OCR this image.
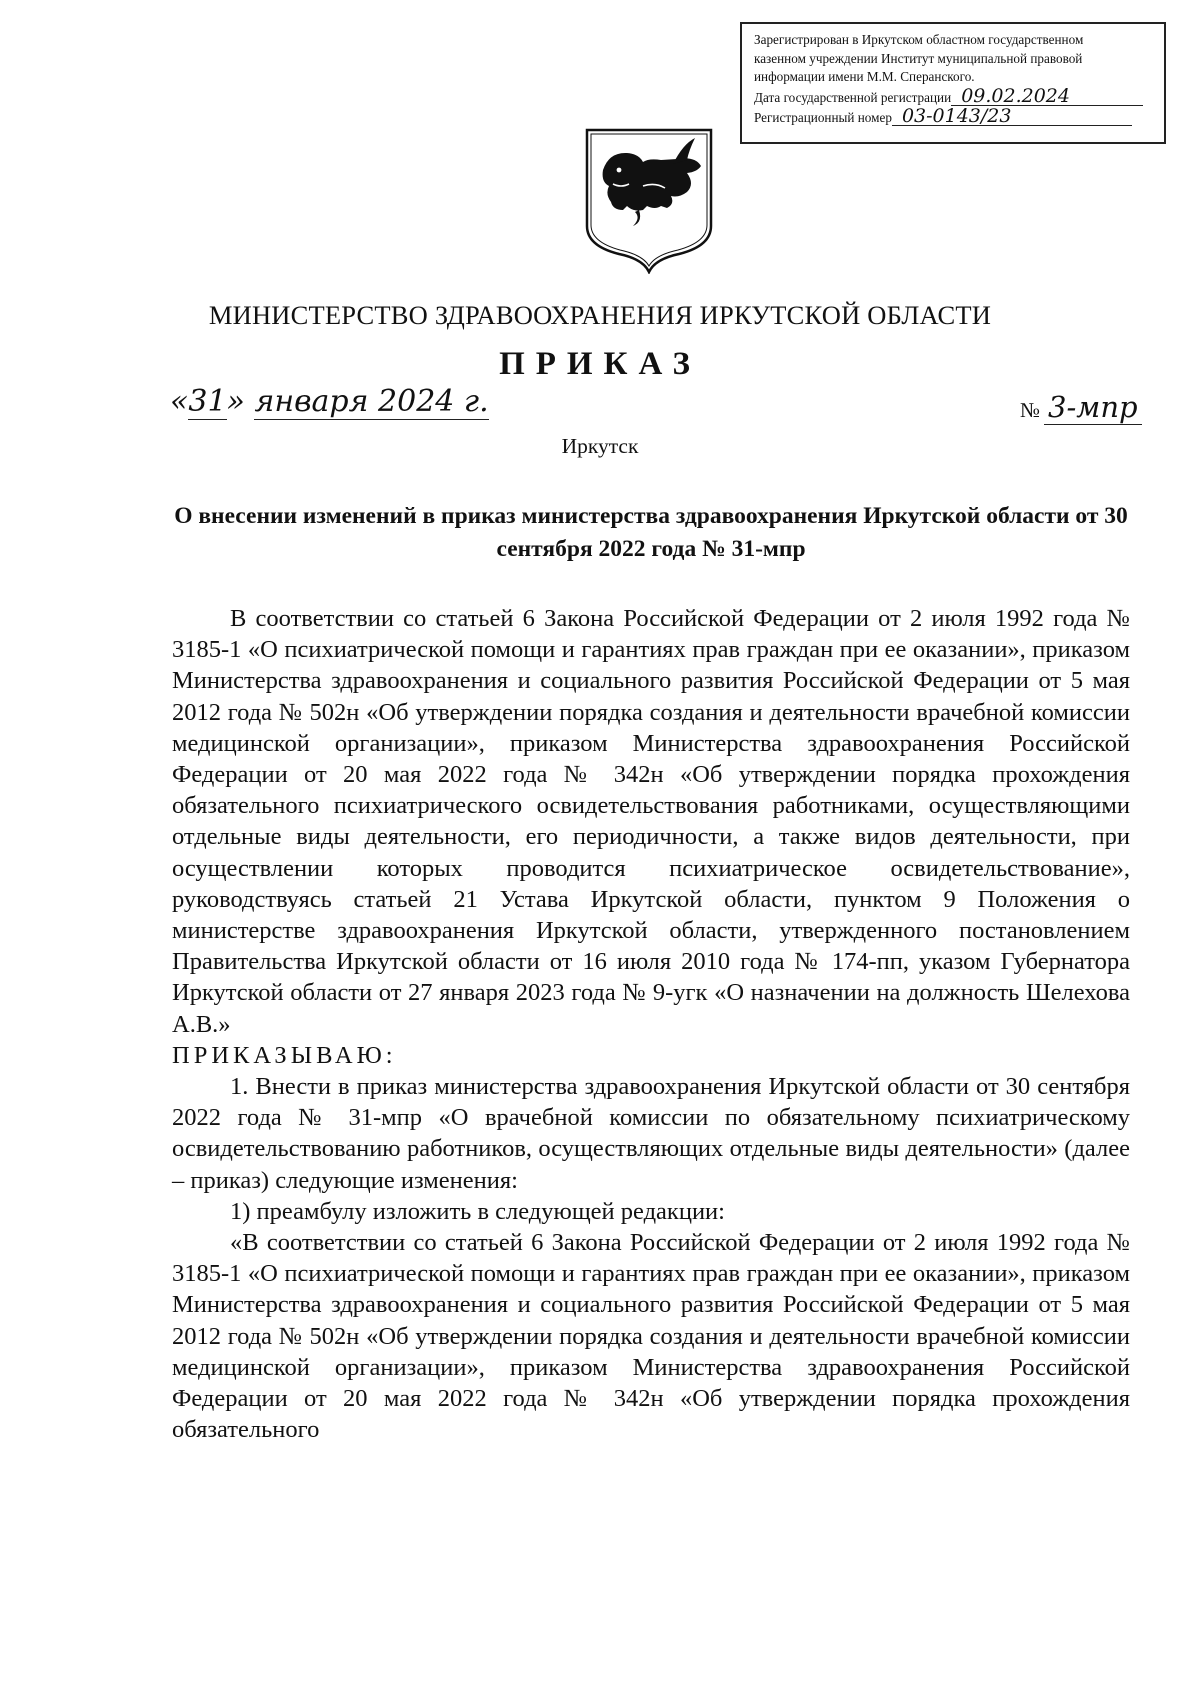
Зарегистрирован в Иркутском областном государственном
казенном учреждении Институт муниципальной правовой
информации имени М.М. Сперанского.
Дата государственной регистрации 09.02.2024
Регистрационный номер 03-0143/23
МИНИСТЕРСТВО ЗДРАВООХРАНЕНИЯ ИРКУТСКОЙ ОБЛАСТИ
ПРИКАЗ
«31» января 2024 г.	№ 3-мпр
Иркутск
О внесении изменений в приказ министерства здравоохранения Иркутской области от 30 сентября 2022 года № 31-мпр

В соответствии со статьей 6 Закона Российской Федерации от 2 июля 1992 года № 3185-1 «О психиатрической помощи и гарантиях прав граждан при ее оказании», приказом Министерства здравоохранения и социального развития Российской Федерации от 5 мая 2012 года № 502н «Об утверждении порядка создания и деятельности врачебной комиссии медицинской организации», приказом Министерства здравоохранения Российской Федерации от 20 мая 2022 года № 342н «Об утверждении порядка прохождения обязательного психиатрического освидетельствования работниками, осуществляющими отдельные виды деятельности, его периодичности, а также видов деятельности, при осуществлении которых проводится психиатрическое освидетельствование», руководствуясь статьей 21 Устава Иркутской области, пунктом 9 Положения о министерстве здравоохранения Иркутской области, утвержденного постановлением Правительства Иркутской области от 16 июля 2010 года № 174-пп, указом Губернатора Иркутской области от 27 января 2023 года № 9-угк «О назначении на должность Шелехова А.В.»

ПРИКАЗЫВАЮ:

1. Внести в приказ министерства здравоохранения Иркутской области от 30 сентября 2022 года № 31-мпр «О врачебной комиссии по обязательному психиатрическому освидетельствованию работников, осуществляющих отдельные виды деятельности» (далее – приказ) следующие изменения:

1) преамбулу изложить в следующей редакции:

«В соответствии со статьей 6 Закона Российской Федерации от 2 июля 1992 года № 3185-1 «О психиатрической помощи и гарантиях прав граждан при ее оказании», приказом Министерства здравоохранения и социального развития Российской Федерации от 5 мая 2012 года № 502н «Об утверждении порядка создания и деятельности врачебной комиссии медицинской организации», приказом Министерства здравоохранения Российской Федерации от 20 мая 2022 года № 342н «Об утверждении порядка прохождения обязательного
